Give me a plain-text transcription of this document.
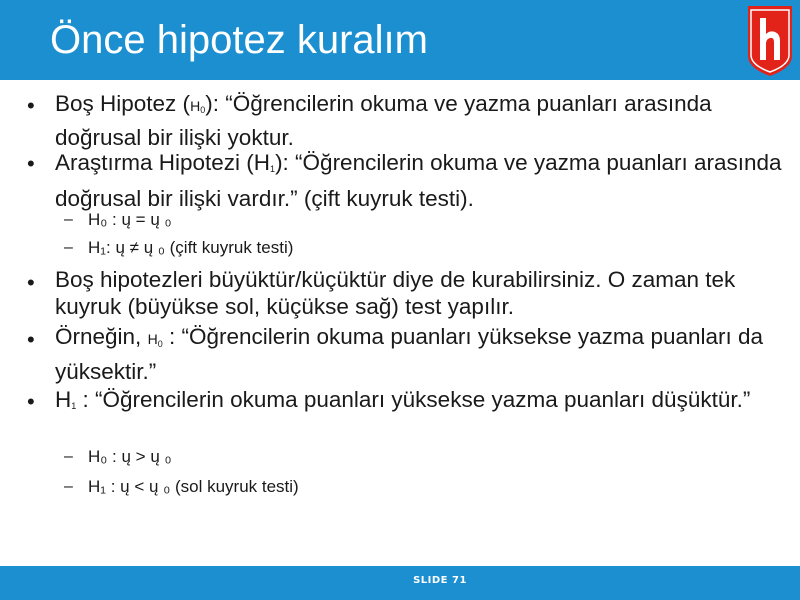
Önce hipotez kuralım
• Boş Hipotez $(H_0)$: “Öğrencilerin okuma ve yazma puanları arasında doğrusal bir ilişki yoktur.
• Araştırma Hipotezi $(H_1)$: “Öğrencilerin okuma ve yazma puanları arasında doğrusal bir ilişki vardır.” (çift kuyruk testi).
– H₀ : ų = ų ₀
– H₁: ų ≠ ų ₀ (çift kuyruk testi)
• Boş hipotezleri büyüktür/küçüktür diye de kurabilirsiniz. O zaman tek kuyruk (büyükse sol, küçükse sağ) test yapılır.
• Örneğin, H0 : “Öğrencilerin okuma puanları yüksekse yazma puanları da yüksektir.”
• $H_1$ : “Öğrencilerin okuma puanları yüksekse yazma puanları düşüktür.”
– H₀ : ų > ų ₀
– H₁ : ų < ų ₀ (sol kuyruk testi)
SLIDE 71
